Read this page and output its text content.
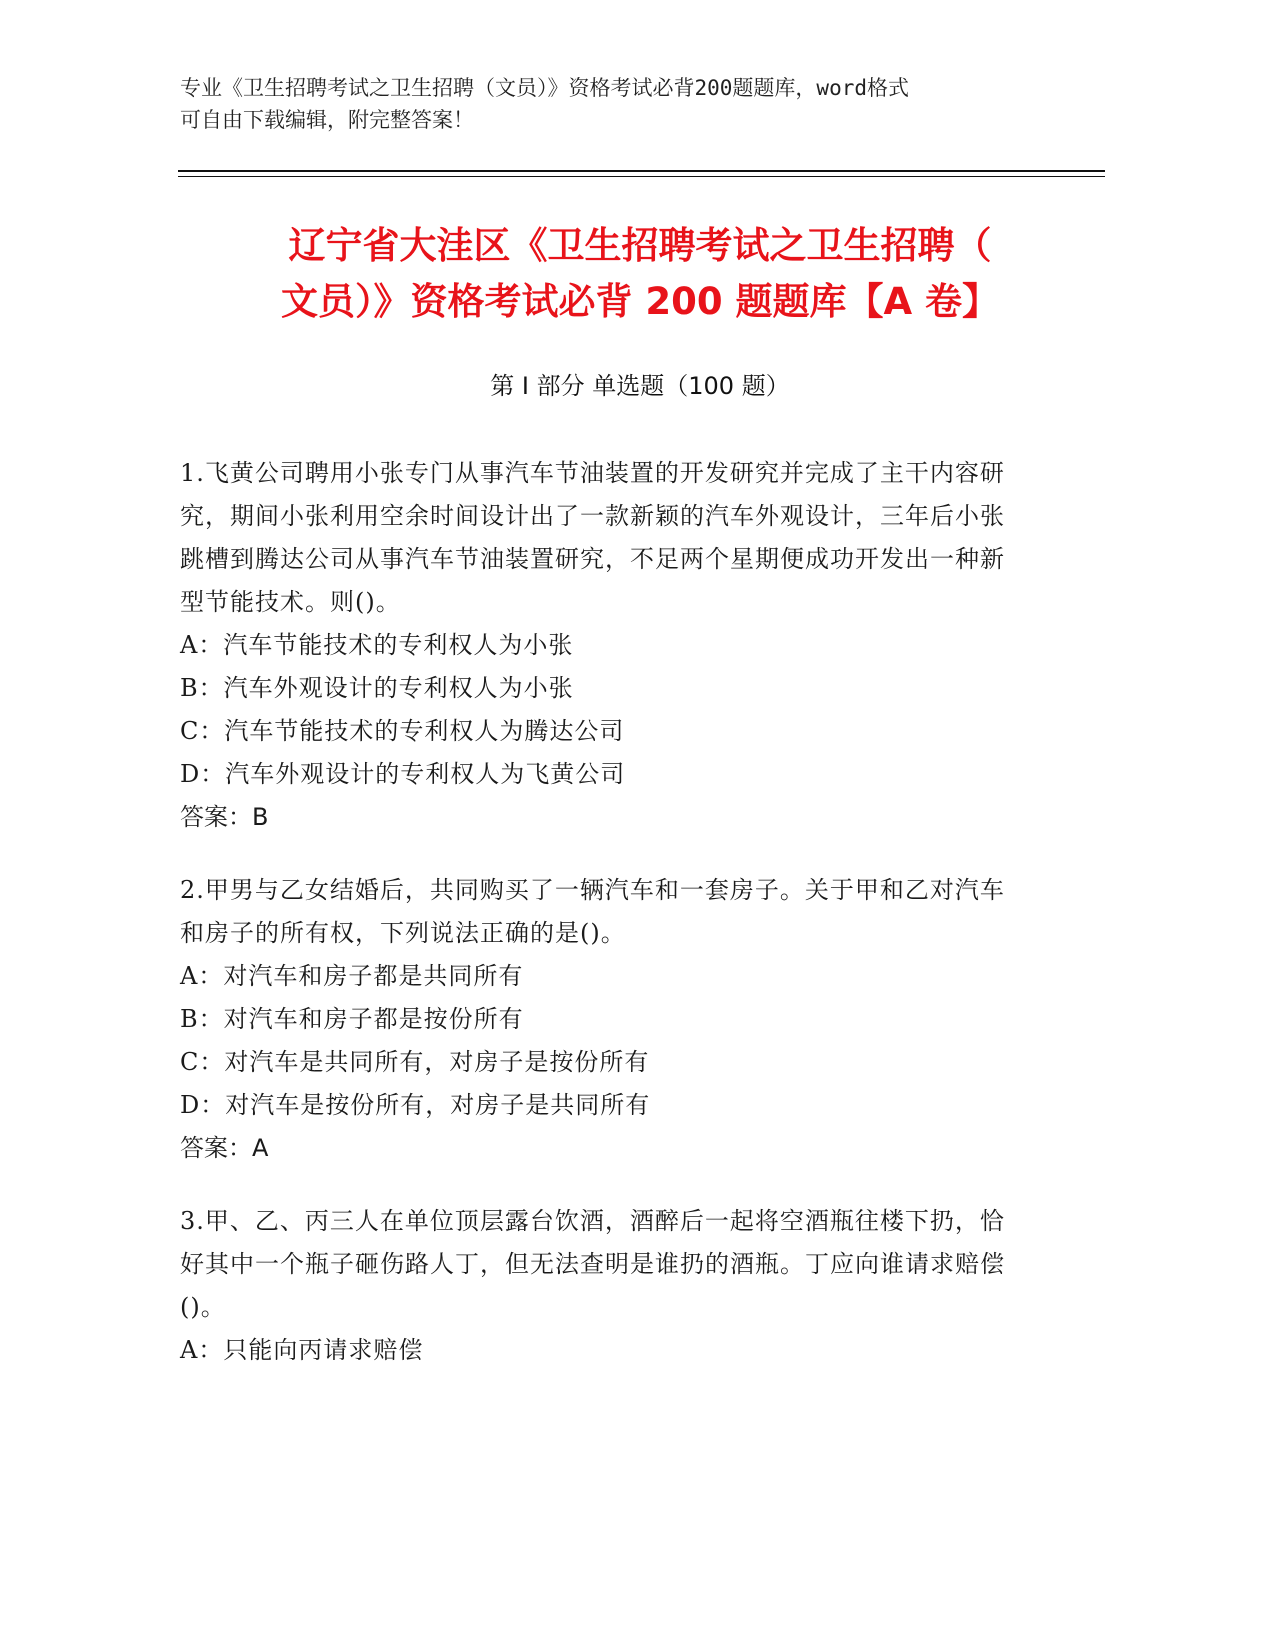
专业《卫生招聘考试之卫生招聘（文员）》资格考试必背200题题库，word格式
可自由下载编辑，附完整答案！
辽宁省大洼区《卫生招聘考试之卫生招聘（
文员）》资格考试必背 200 题题库【A 卷】
第 I 部分 单选题（100 题）
1.飞黄公司聘用小张专门从事汽车节油装置的开发研究并完成了主干内容研究，期间小张利用空余时间设计出了一款新颖的汽车外观设计，三年后小张跳槽到腾达公司从事汽车节油装置研究，不足两个星期便成功开发出一种新型节能技术。则()。
A：汽车节能技术的专利权人为小张
B：汽车外观设计的专利权人为小张
C：汽车节能技术的专利权人为腾达公司
D：汽车外观设计的专利权人为飞黄公司
答案：B
2.甲男与乙女结婚后，共同购买了一辆汽车和一套房子。关于甲和乙对汽车和房子的所有权，下列说法正确的是()。
A：对汽车和房子都是共同所有
B：对汽车和房子都是按份所有
C：对汽车是共同所有，对房子是按份所有
D：对汽车是按份所有，对房子是共同所有
答案：A
3.甲、乙、丙三人在单位顶层露台饮酒，酒醉后一起将空酒瓶往楼下扔，恰好其中一个瓶子砸伤路人丁，但无法查明是谁扔的酒瓶。丁应向谁请求赔偿()。
A：只能向丙请求赔偿
